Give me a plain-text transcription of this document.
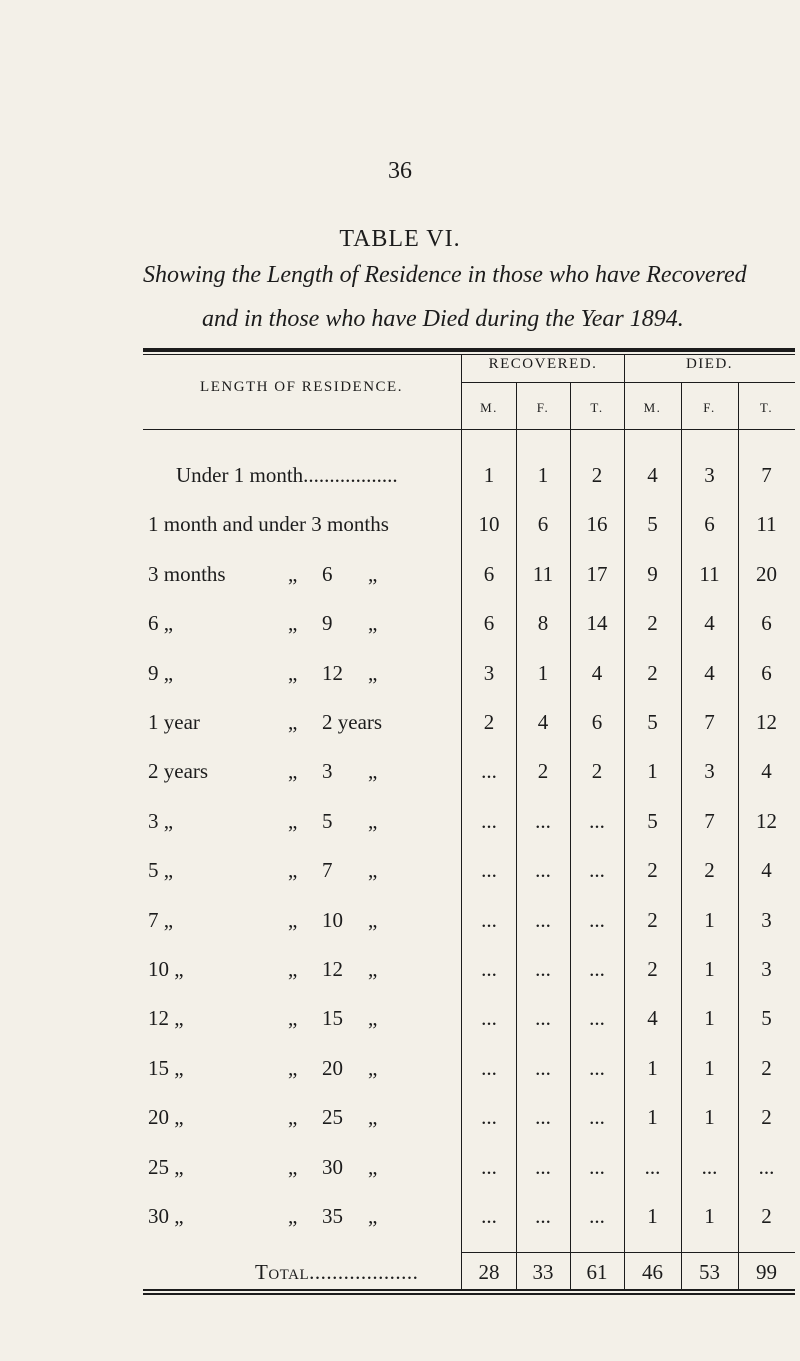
36
TABLE VI.
Showing the Length of Residence in those who have Recovered
and in those who have Died during the Year 1894.
LENGTH OF RESIDENCE.
RECOVERED.	DIED.
M.	F.	T.	M.	F.	T.
Under 1 month..................	1	1	2	4	3	7
1 month and under 3 months	10	6	16	5	6	11
3 months	„ 6 „	6	11	17	9	11	20
6 „	„ 9 „	6	8	14	2	4	6
9 „	„ 12 „	3	1	4	2	4	6
1 year	„ 2 years	2	4	6	5	7	12
2 years	„ 3 „	...	2	2	1	3	4
3 „	„ 5 „	...	...	...	5	7	12
5 „	„ 7 „	...	...	...	2	2	4
7 „	„ 10 „	...	...	...	2	1	3
10 „	„ 12 „	...	...	...	2	1	3
12 „	„ 15 „	...	...	...	4	1	5
15 „	„ 20 „	...	...	...	1	1	2
20 „	„ 25 „	...	...	...	1	1	2
25 „	„ 30 „	...	...	...	...	...	...
30 „	„ 35 „	...	...	...	1	1	2
Total...................	28	33	61	46	53	99
